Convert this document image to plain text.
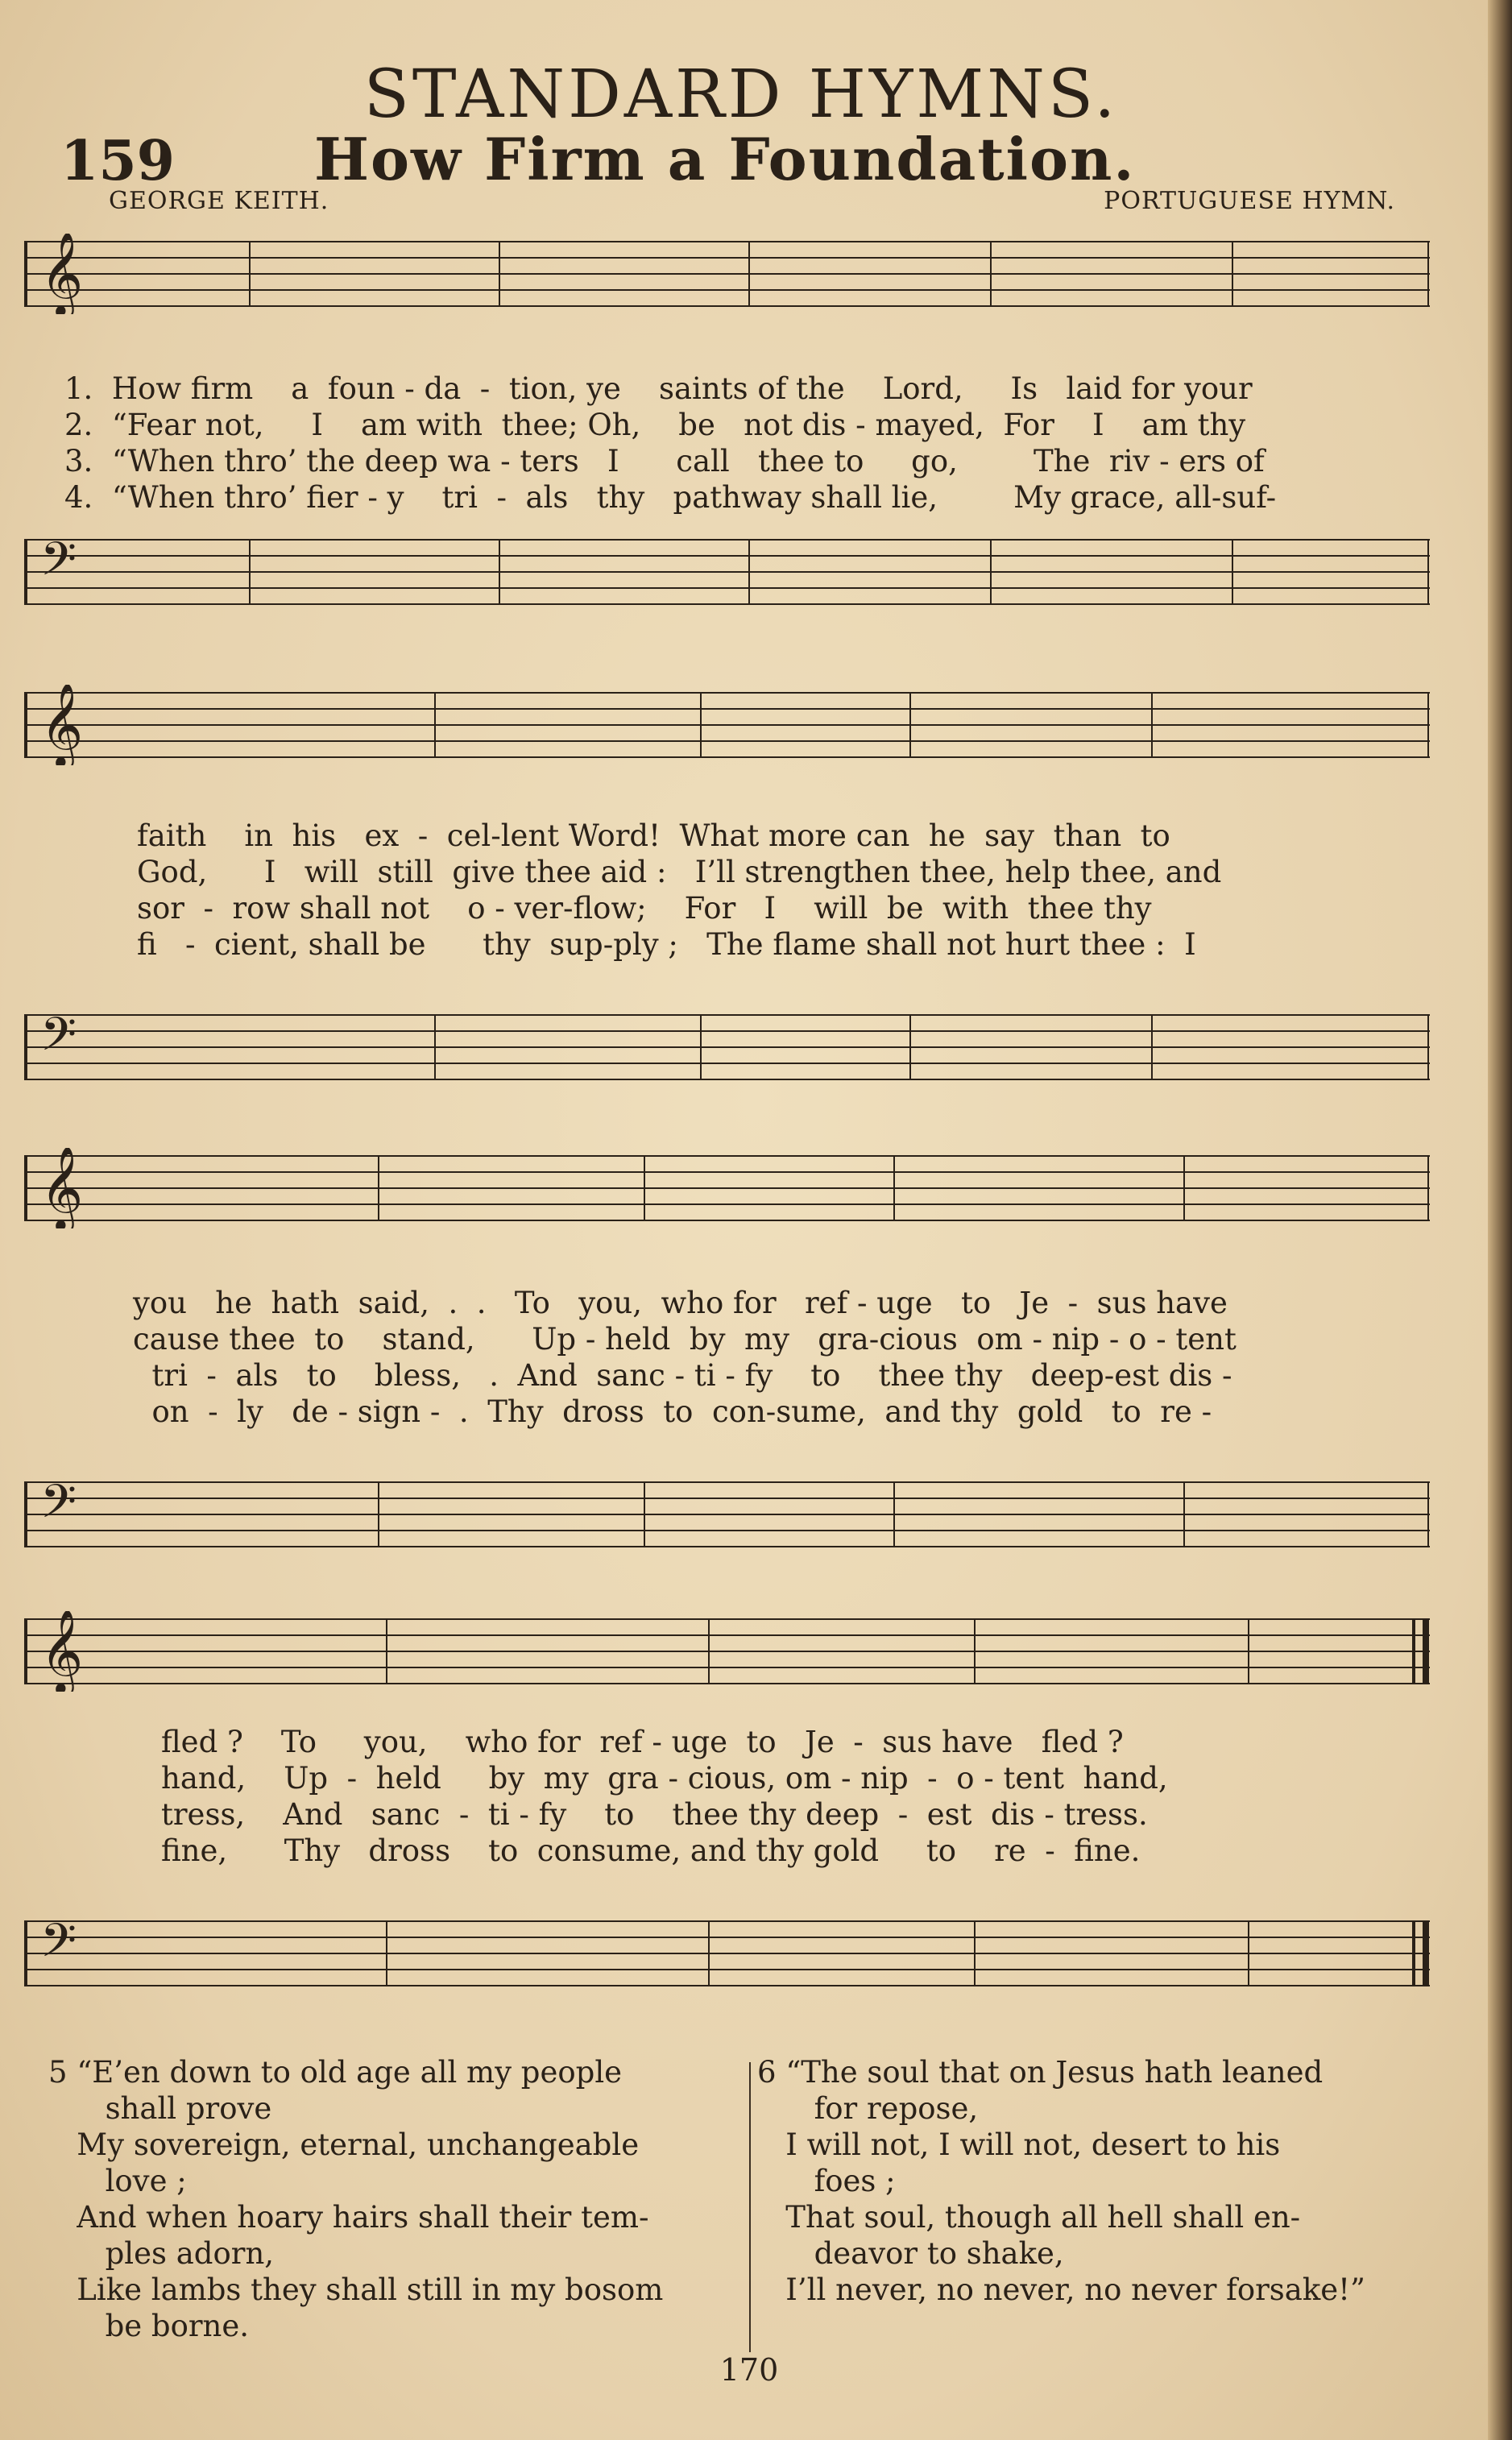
STANDARD HYMNS.
159 How Firm a Foundation.
GEORGE KEITH.	PORTUGUESE HYMN.
𝄞
1.  How firm    a  foun - da  -  tion, ye    saints of the    Lord,     Is   laid for your
2.  “Fear not,     I    am with  thee; Oh,    be   not dis - mayed,  For    I    am thy
3.  “When thro’ the deep wa - ters   I      call   thee to     go,        The  riv - ers of
4.  “When thro’ fier - y    tri  -  als   thy   pathway shall lie,        My grace, all-suf-
𝄢
𝄞
faith    in  his   ex  -  cel-lent Word!  What more can  he  say  than  to
God,      I   will  still  give thee aid :   I’ll strengthen thee, help thee, and
sor  -  row shall not    o - ver-flow;    For   I    will  be  with  thee thy
fi   -  cient, shall be      thy  sup-ply ;   The flame shall not hurt thee :  I
𝄢
𝄞
you   he  hath  said,  .  .   To   you,  who for   ref - uge   to   Je  -  sus have
cause thee  to    stand,      Up - held  by  my   gra-cious  om - nip - o - tent
tri  -  als   to    bless,   .  And  sanc - ti - fy    to    thee thy   deep-est dis -
on  -  ly   de - sign -  .  Thy  dross  to  con-sume,  and thy  gold   to  re -
𝄢
𝄞
fled ?    To     you,    who for  ref - uge  to   Je  -  sus have   fled ?
hand,    Up  -  held     by  my  gra - cious, om - nip  -  o - tent  hand,
tress,    And   sanc  -  ti - fy    to    thee thy deep  -  est  dis - tress.
fine,      Thy   dross    to  consume, and thy gold     to    re  -  fine.
𝄢
5 “E’en down to old age all my people
shall prove
My sovereign, eternal, unchangeable
love ;
And when hoary hairs shall their tem-
ples adorn,
Like lambs they shall still in my bosom
be borne.
6 “The soul that on Jesus hath leaned
for repose,
I will not, I will not, desert to his
foes ;
That soul, though all hell shall en-
deavor to shake,
I’ll never, no never, no never forsake!”
170
